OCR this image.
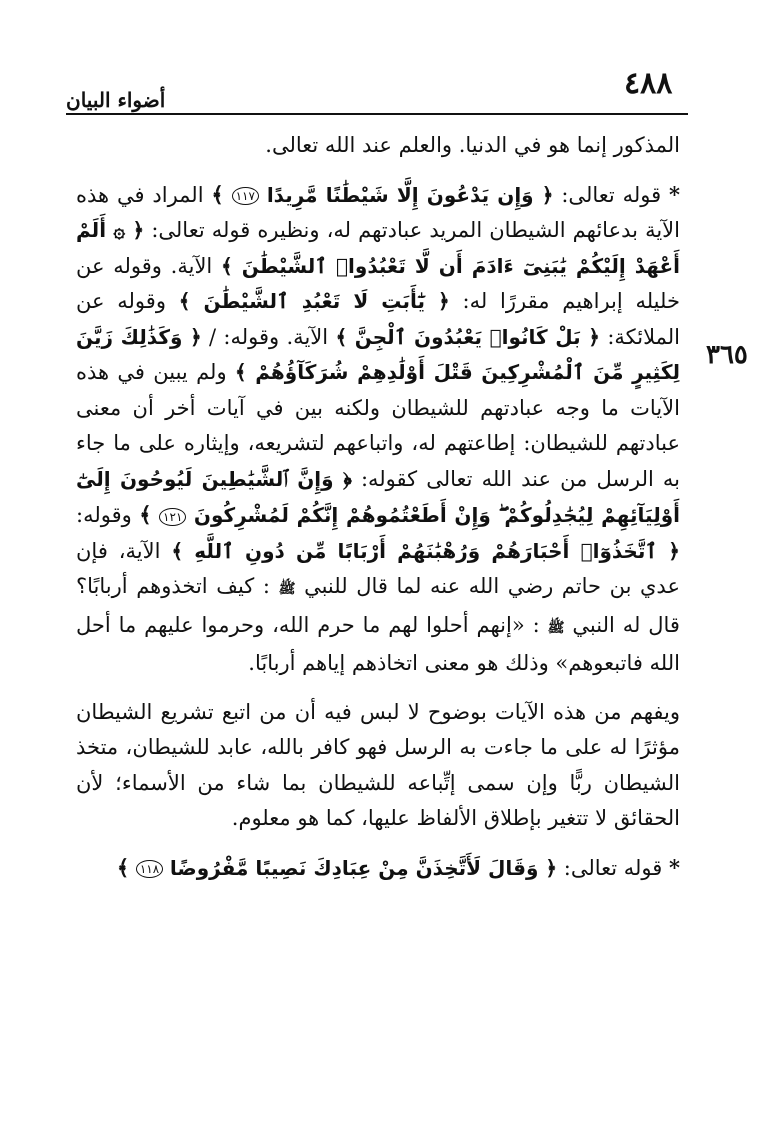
٤٨٨
أضواء البيان
٣٦٥

المذكور إنما هو في الدنيا. والعلم عند الله تعالى.

* قوله تعالى: ﴿ وَإِن يَدْعُونَ إِلَّا شَيْطَٰنًا مَّرِيدًا ١١٧ ﴾ المراد في هذه الآية بدعائهم الشيطان المريد عبادتهم له، ونظيره قوله تعالى: ﴿ ۞ أَلَمْ أَعْهَدْ إِلَيْكُمْ يَٰبَنِىٓ ءَادَمَ أَن لَّا تَعْبُدُوا۟ ٱلشَّيْطَٰنَ ﴾ الآية. وقوله عن خليله إبراهيم مقررًا له: ﴿ يَٰٓأَبَتِ لَا تَعْبُدِ ٱلشَّيْطَٰنَ ﴾ وقوله عن الملائكة: ﴿ بَلْ كَانُوا۟ يَعْبُدُونَ ٱلْجِنَّ ﴾ الآية. وقوله: / ﴿ وَكَذَٰلِكَ زَيَّنَ لِكَثِيرٍ مِّنَ ٱلْمُشْرِكِينَ قَتْلَ أَوْلَٰدِهِمْ شُرَكَآؤُهُمْ ﴾ ولم يبين في هذه الآيات ما وجه عبادتهم للشيطان ولكنه بين في آيات أخر أن معنى عبادتهم للشيطان: إطاعتهم له، واتباعهم لتشريعه، وإيثاره على ما جاء به الرسل من عند الله تعالى كقوله: ﴿ وَإِنَّ ٱلشَّيَٰطِينَ لَيُوحُونَ إِلَىٰٓ أَوْلِيَآئِهِمْ لِيُجَٰدِلُوكُمْ ۖ وَإِنْ أَطَعْتُمُوهُمْ إِنَّكُمْ لَمُشْرِكُونَ ١٢١ ﴾ وقوله: ﴿ ٱتَّخَذُوٓا۟ أَحْبَارَهُمْ وَرُهْبَٰنَهُمْ أَرْبَابًا مِّن دُونِ ٱللَّهِ ﴾ الآية، فإن عدي بن حاتم رضي الله عنه لما قال للنبي ﷺ : كيف اتخذوهم أربابًا؟ قال له النبي ﷺ : «إنهم أحلوا لهم ما حرم الله، وحرموا عليهم ما أحل الله فاتبعوهم» وذلك هو معنى اتخاذهم إياهم أربابًا.

ويفهم من هذه الآيات بوضوح لا لبس فيه أن من اتبع تشريع الشيطان مؤثرًا له على ما جاءت به الرسل فهو كافر بالله، عابد للشيطان، متخذ الشيطان ربًّا وإن سمى إتِّباعه للشيطان بما شاء من الأسماء؛ لأن الحقائق لا تتغير بإطلاق الألفاظ عليها، كما هو معلوم.

* قوله تعالى: ﴿ وَقَالَ لَأَتَّخِذَنَّ مِنْ عِبَادِكَ نَصِيبًا مَّفْرُوضًا ١١٨ ﴾
